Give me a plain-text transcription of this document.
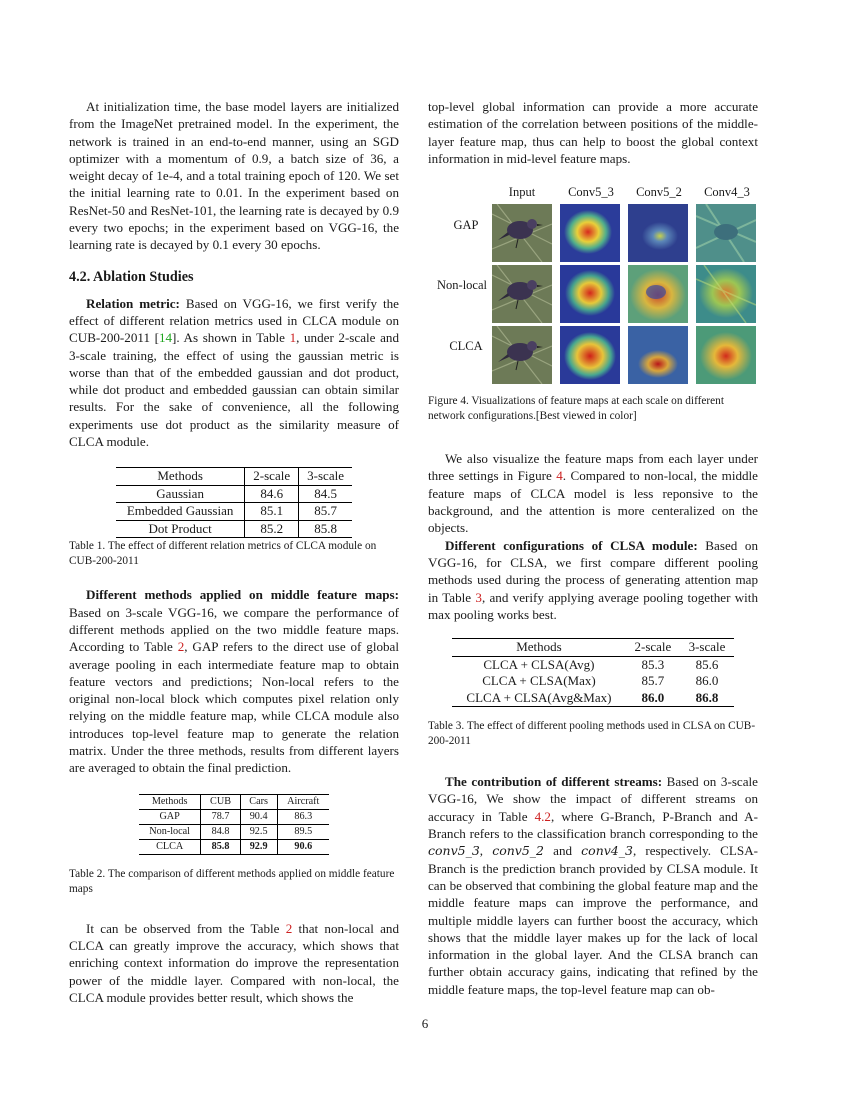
At initialization time, the base model layers are initialized from the ImageNet pretrained model. In the experiment, the network is trained in an end-to-end manner, using an SGD optimizer with a momentum of 0.9, a batch size of 36, a weight decay of 1e-4, and a total training epoch of 120. We set the initial learning rate to 0.01. In the experiment based on ResNet-50 and ResNet-101, the learning rate is decayed by 0.9 every two epochs; in the experiment based on VGG-16, the learning rate is decayed by 0.1 every 30 epochs.

4.2. Ablation Studies

Relation metric: Based on VGG-16, we first verify the effect of different relation metrics used in CLCA module on CUB-200-2011 [14]. As shown in Table 1, under 2-scale and 3-scale training, the effect of using the gaussian metric is worse than that of the embedded gaussian and dot product, while dot product and embedded gaussian can obtain similar results. For the sake of convenience, all the following experiments use dot product as the similarity measure of CLCA module.

Methods	2-scale	3-scale
Gaussian	84.6	84.5
Embedded Gaussian	85.1	85.7
Dot Product	85.2	85.8

Table 1. The effect of different relation metrics of CLCA module on CUB-200-2011

Different methods applied on middle feature maps: Based on 3-scale VGG-16, we compare the performance of different methods applied on the two middle feature maps. According to Table 2, GAP refers to the direct use of global average pooling in each intermediate feature map to obtain feature vectors and predictions; Non-local refers to the original non-local block which computes pixel relation only relying on the middle feature map, while CLCA module also introduces top-level feature map to generate the relation matrix. Under the three methods, results from different layers are averaged to obtain the final prediction.

Methods	CUB	Cars	Aircraft
GAP	78.7	90.4	86.3
Non-local	84.8	92.5	89.5
CLCA	85.8	92.9	90.6

Table 2. The comparison of different methods applied on middle feature maps

It can be observed from the Table 2 that non-local and CLCA can greatly improve the accuracy, which shows that enriching context information do improve the representation power of the middle layer. Compared with non-local, the CLCA module provides better result, which shows the

top-level global information can provide a more accurate estimation of the correlation between positions of the middle-layer feature map, thus can help to boost the global context information in mid-level feature maps.

Input	Conv5_3	Conv5_2	Conv4_3
GAP
Non-local
CLCA

Figure 4. Visualizations of feature maps at each scale on different network configurations.[Best viewed in color]

We also visualize the feature maps from each layer under three settings in Figure 4. Compared to non-local, the middle feature maps of CLCA model is less reponsive to the background, and the attention is more centeralized on the objects.

Different configurations of CLSA module: Based on VGG-16, for CLSA, we first compare different pooling methods used during the process of generating attention map in Table 3, and verify applying average pooling together with max pooling works best.

Methods	2-scale	3-scale
CLCA + CLSA(Avg)	85.3	85.6
CLCA + CLSA(Max)	85.7	86.0
CLCA + CLSA(Avg&Max)	86.0	86.8

Table 3. The effect of different pooling methods used in CLSA on CUB-200-2011

The contribution of different streams: Based on 3-scale VGG-16, We show the impact of different streams on accuracy in Table 4.2, where G-Branch, P-Branch and A-Branch refers to the classification branch corresponding to the conv5_3, conv5_2 and conv4_3, respectively. CLSA-Branch is the prediction branch provided by CLSA module. It can be observed that combining the global feature map and the middle feature maps can improve the performance, and multiple middle layers can further boost the accuracy, which shows that the middle layer makes up for the lack of local information in the global layer. And the CLSA branch can further obtain accuracy gains, indicating that refined by the middle feature maps, the top-level feature map can ob-

6
